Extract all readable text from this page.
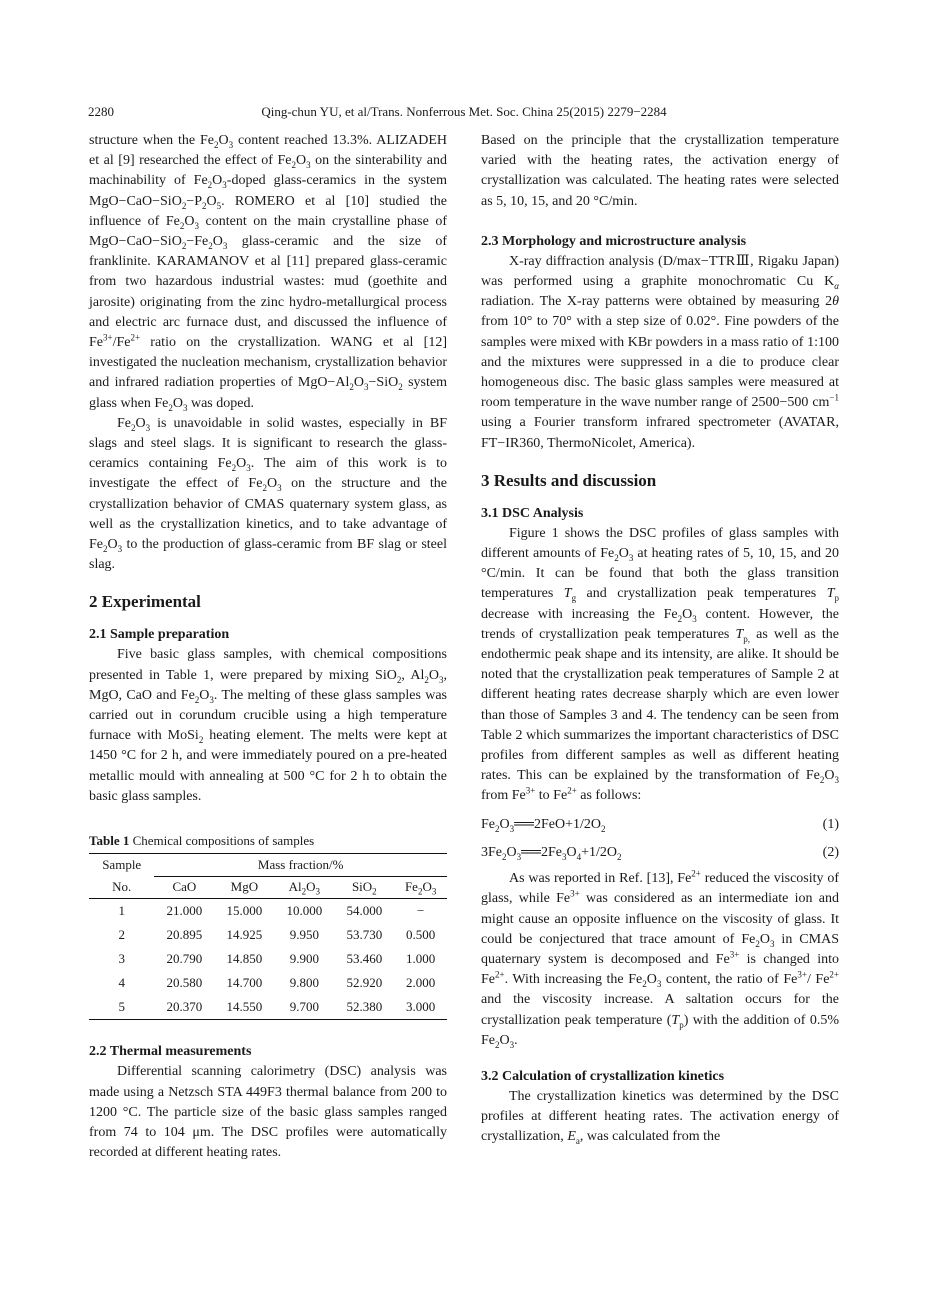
2280	Qing-chun YU, et al/Trans. Nonferrous Met. Soc. China 25(2015) 2279−2284

structure when the $Fe_2O_3$ content reached 13.3%. ALIZADEH et al [9] researched the effect of $Fe_2O_3$ on the sinterability and machinability of $Fe_2O_3$-doped glass-ceramics in the system $MgO-CaO-SiO_2-P_2O_5$. ROMERO et al [10] studied the influence of $Fe_2O_3$ content on the main crystalline phase of $MgO-CaO-SiO_2-Fe_2O_3$ glass-ceramic and the size of franklinite. KARAMANOV et al [11] prepared glass-ceramic from two hazardous industrial wastes: mud (goethite and jarosite) originating from the zinc hydro-metallurgical process and electric arc furnace dust, and discussed the influence of $Fe^{3+}/Fe^{2+}$ ratio on the crystallization. WANG et al [12] investigated the nucleation mechanism, crystallization behavior and infrared radiation properties of $MgO-Al_2O_3-SiO_2$ system glass when $Fe_2O_3$ was doped.

$Fe_2O_3$ is unavoidable in solid wastes, especially in BF slags and steel slags. It is significant to research the glass-ceramics containing $Fe_2O_3$. The aim of this work is to investigate the effect of $Fe_2O_3$ on the structure and the crystallization behavior of CMAS quaternary system glass, as well as the crystallization kinetics, and to take advantage of $Fe_2O_3$ to the production of glass-ceramic from BF slag or steel slag.

2 Experimental
2.1 Sample preparation

Five basic glass samples, with chemical compositions presented in Table 1, were prepared by mixing SiO$_2$, $Al_2O_3$, MgO, CaO and $Fe_2O_3$. The melting of these glass samples was carried out in corundum crucible using a high temperature furnace with MoSi$_2$ heating element. The melts were kept at 1450 °C for 2 h, and were immediately poured on a pre-heated metallic mould with annealing at 500 °C for 2 h to obtain the basic glass samples.

Table 1 Chemical compositions of samples
Sample
No.	Mass fraction/%				
	CaO	MgO	$Al_2O_3$	SiO$_2$	$Fe_2O_3$
1	21.000	15.000	10.000	54.000	−
2	20.895	14.925	9.950	53.730	0.500
3	20.790	14.850	9.900	53.460	1.000
4	20.580	14.700	9.800	52.920	2.000
5	20.370	14.550	9.700	52.380	3.000
2.2 Thermal measurements

Differential scanning calorimetry (DSC) analysis was made using a Netzsch STA 449F3 thermal balance from 200 to 1200 °C. The particle size of the basic glass samples ranged from 74 to 104 μm. The DSC profiles were automatically recorded at different heating rates.

Based on the principle that the crystallization temperature varied with the heating rates, the activation energy of crystallization was calculated. The heating rates were selected as 5, 10, 15, and 20 °C/min.

2.3 Morphology and microstructure analysis

X-ray diffraction analysis (D/max−TTRⅢ, Rigaku Japan) was performed using a graphite monochromatic Cu $K_\alpha$ radiation. The X-ray patterns were obtained by measuring 2θ from 10° to 70° with a step size of 0.02°. Fine powders of the samples were mixed with KBr powders in a mass ratio of 1:100 and the mixtures were suppressed in a die to produce clear homogeneous disc. The basic glass samples were measured at room temperature in the wave number range of 2500−500 $cm^{-1}$ using a Fourier transform infrared spectrometer (AVATAR, FT−IR360, ThermoNicolet, America).

3 Results and discussion
3.1 DSC Analysis

Figure 1 shows the DSC profiles of glass samples with different amounts of $Fe_2O_3$ at heating rates of 5, 10, 15, and 20 °C/min. It can be found that both the glass transition temperatures $T_g$ and crystallization peak temperatures $T_p$ decrease with increasing the $Fe_2O_3$ content. However, the trends of crystallization peak temperatures $T_{p,}$ as well as the endothermic peak shape and its intensity, are alike. It should be noted that the crystallization peak temperatures of Sample 2 at different heating rates decrease sharply which are even lower than those of Samples 3 and 4. The tendency can be seen from Table 2 which summarizes the important characteristics of DSC profiles from different samples as well as different heating rates. This can be explained by the transformation of $Fe_2O_3$ from $Fe^{3+}$ to $Fe^{2+}$ as follows:

$Fe_2O_3══2FeO+1/2O_2$	(1)
$3Fe_2O_3══2Fe_3O_4+1/2O_2$	(2)

As was reported in Ref. [13], $Fe^{2+}$ reduced the viscosity of glass, while $Fe^{3+}$ was considered as an intermediate ion and might cause an opposite influence on the viscosity of glass. It could be conjectured that trace amount of $Fe_2O_3$ in CMAS quaternary system is decomposed and $Fe^{3+}$ is changed into $Fe^{2+}$. With increasing the $Fe_2O_3$ content, the ratio of $Fe^{3+}/$ $Fe^{2+}$ and the viscosity increase. A saltation occurs for the crystallization peak temperature $(T_p)$ with the addition of 0.5% $Fe_2O_3$.

3.2 Calculation of crystallization kinetics

The crystallization kinetics was determined by the DSC profiles at different heating rates. The activation energy of crystallization, $E_a$, was calculated from the
